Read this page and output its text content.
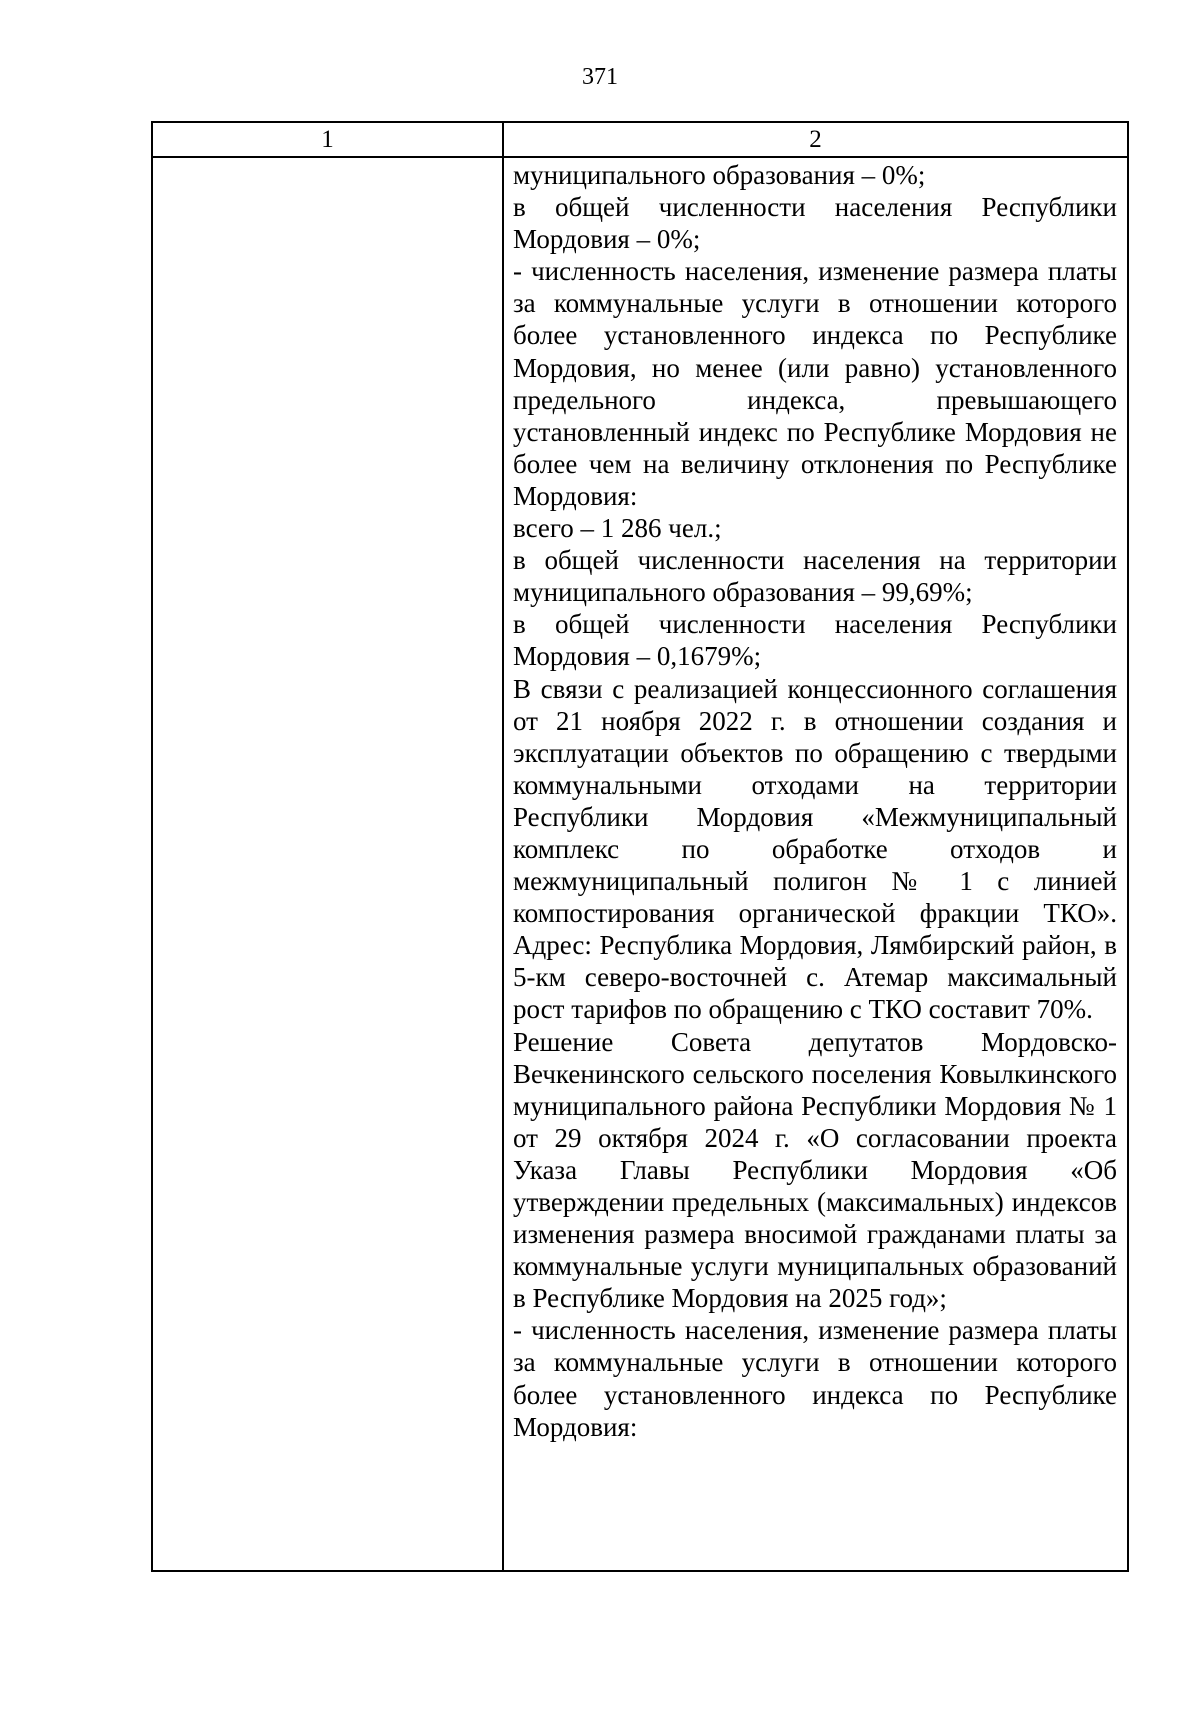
371
1	2

муниципального образования – 0%;

в общей численности населения Республики Мордовия – 0%;

- численность населения, изменение размера платы за коммунальные услуги в отношении которого более установленного индекса по Республике Мордовия, но менее (или равно) установленного предельного индекса, превышающего установленный индекс по Республике Мордовия не более чем на величину отклонения по Республике Мордовия:

всего – 1 286 чел.;

в общей численности населения на территории муниципального образования – 99,69%;

в общей численности населения Республики Мордовия – 0,1679%;

В связи с реализацией концессионного соглашения от 21 ноября 2022 г. в отношении создания и эксплуатации объектов по обращению с твердыми коммунальными отходами на территории Республики Мордовия «Межмуниципальный комплекс по обработке отходов и межмуниципальный полигон № 1 с линией компостирования органической фракции ТКО». Адрес: Республика Мордовия, Лямбирский район, в 5-км северо-восточней с. Атемар максимальный рост тарифов по обращению с ТКО составит 70%.

Решение Совета депутатов Мордовско-Вечкенинского сельского поселения Ковылкинского муниципального района Республики Мордовия № 1 от 29 октября 2024 г. «О согласовании проекта Указа Главы Республики Мордовия «Об утверждении предельных (максимальных) индексов изменения размера вносимой гражданами платы за коммунальные услуги муниципальных образований в Республике Мордовия на 2025 год»;

- численность населения, изменение размера платы за коммунальные услуги в отношении которого более установленного индекса по Республике Мордовия:
